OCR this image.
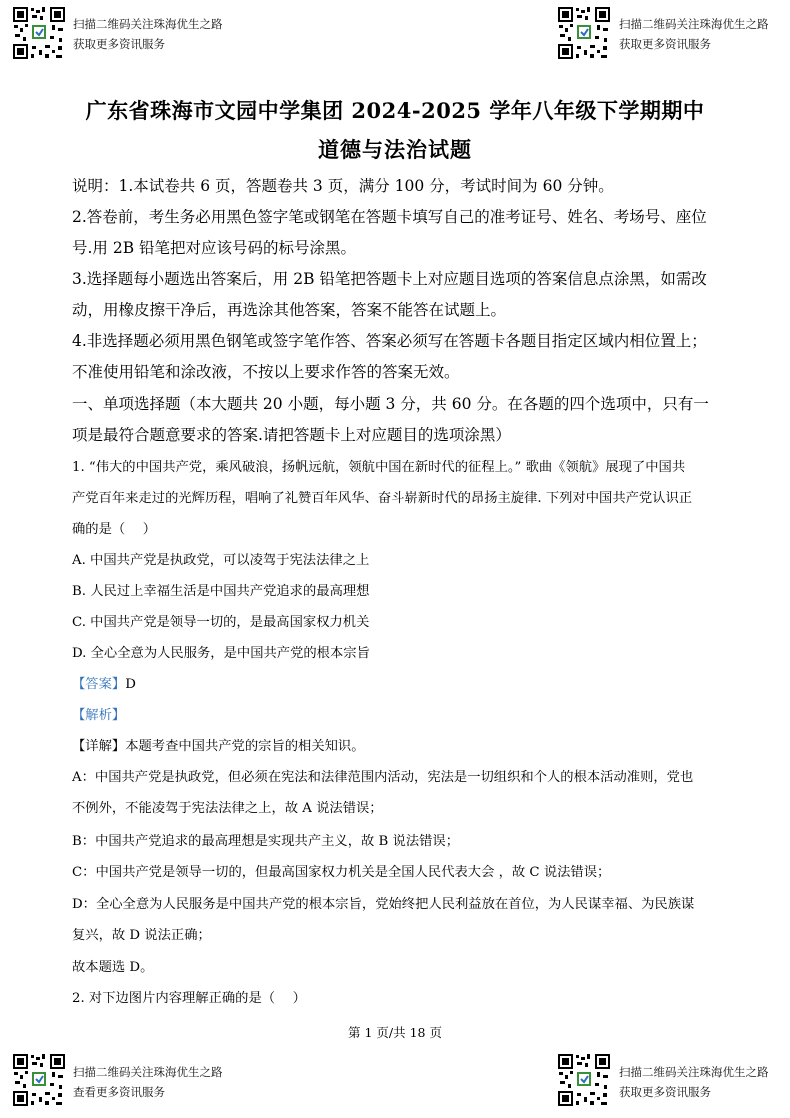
扫描二维码关注珠海优生之路
获取更多资讯服务
扫描二维码关注珠海优生之路
获取更多资讯服务
广东省珠海市文园中学集团 2024-2025 学年八年级下学期期中
道德与法治试题
说明：1.本试卷共 6 页，答题卷共 3 页，满分 100 分，考试时间为 60 分钟。
2.答卷前，考生务必用黑色签字笔或钢笔在答题卡填写自己的准考证号、姓名、考场号、座位
号.用 2B 铅笔把对应该号码的标号涂黑。
3.选择题每小题选出答案后，用 2B 铅笔把答题卡上对应题目选项的答案信息点涂黑，如需改
动，用橡皮擦干净后，再选涂其他答案，答案不能答在试题上。
4.非选择题必须用黑色钢笔或签字笔作答、答案必须写在答题卡各题目指定区域内相位置上；
不准使用铅笔和涂改液，不按以上要求作答的答案无效。
一、单项选择题（本大题共 20 小题，每小题 3 分，共 60 分。在各题的四个选项中，只有一
项是最符合题意要求的答案.请把答题卡上对应题目的选项涂黑）
1. “伟大的中国共产党，乘风破浪，扬帆远航，领航中国在新时代的征程上。” 歌曲《领航》展现了中国共
产党百年来走过的光辉历程，唱响了礼赞百年风华、奋斗崭新时代的昂扬主旋律. 下列对中国共产党认识正
确的是（　 ）
A. 中国共产党是执政党，可以凌驾于宪法法律之上
B. 人民过上幸福生活是中国共产党追求的最高理想
C. 中国共产党是领导一切的，是最高国家权力机关
D. 全心全意为人民服务，是中国共产党的根本宗旨
【答案】D
【解析】
【详解】本题考查中国共产党的宗旨的相关知识。
A：中国共产党是执政党，但必须在宪法和法律范围内活动，宪法是一切组织和个人的根本活动准则，党也
不例外，不能凌驾于宪法法律之上，故 A 说法错误；
B：中国共产党追求的最高理想是实现共产主义，故 B 说法错误；
C：中国共产党是领导一切的，但最高国家权力机关是全国人民代表大会 ，故 C 说法错误；
D：全心全意为人民服务是中国共产党的根本宗旨，党始终把人民利益放在首位，为人民谋幸福、为民族谋
复兴，故 D 说法正确；
故本题选 D。
2. 对下边图片内容理解正确的是（　 ）
第 1 页/共 18 页
扫描二维码关注珠海优生之路
查看更多资讯服务
扫描二维码关注珠海优生之路
获取更多资讯服务
